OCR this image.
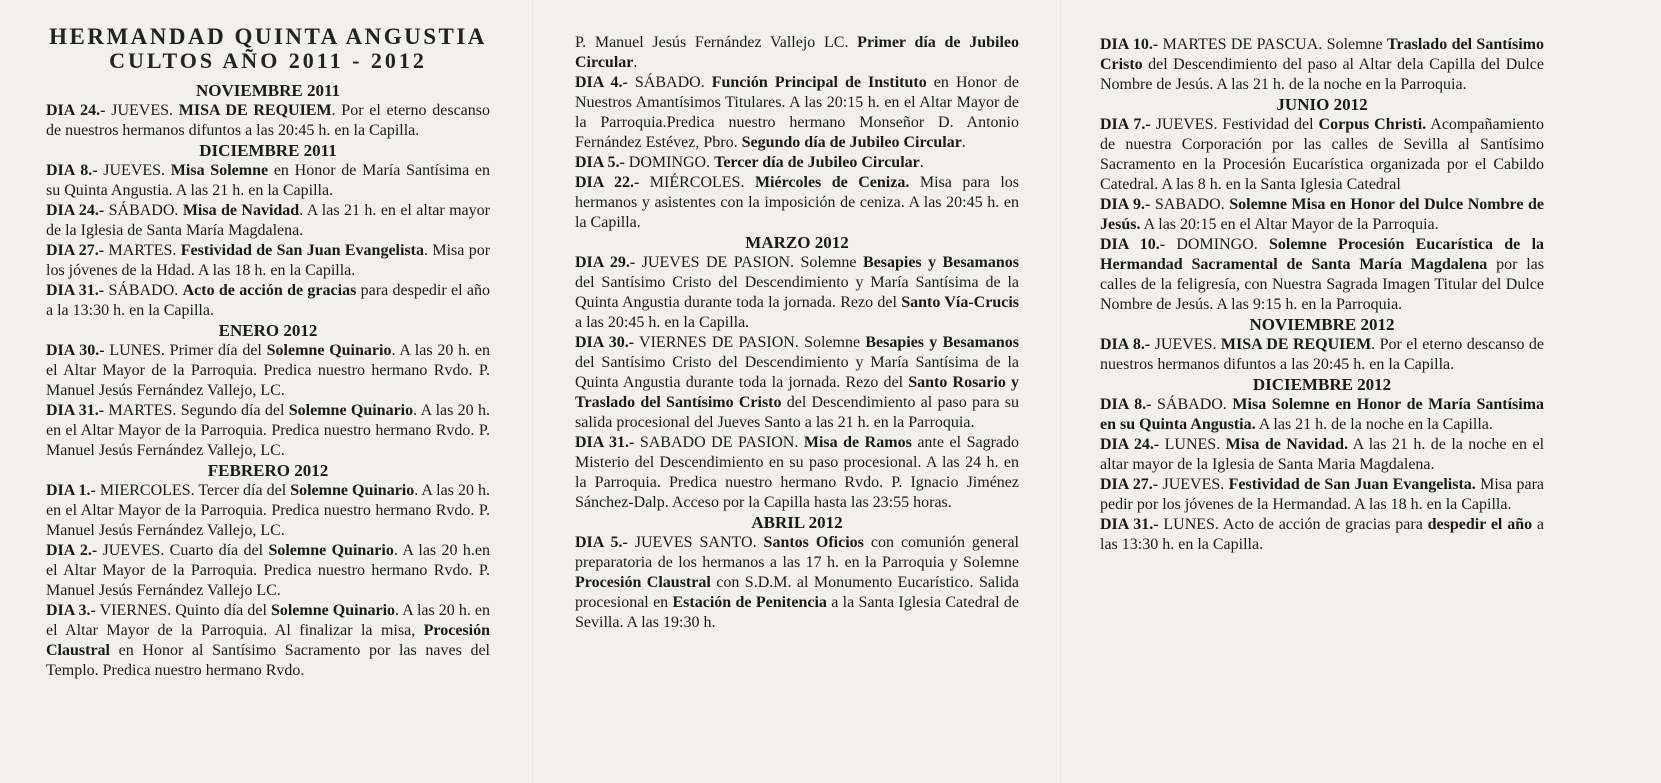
HERMANDAD QUINTA ANGUSTIA
CULTOS AÑO 2011 - 2012
NOVIEMBRE 2011

DIA 24.- JUEVES. MISA DE REQUIEM. Por el eterno descanso de nuestros hermanos difuntos a las 20:45 h. en la Capilla.

DICIEMBRE 2011

DIA 8.- JUEVES. Misa Solemne en Honor de María Santísima en su Quinta Angustia. A las 21 h. en la Capilla.

DIA 24.- SÁBADO. Misa de Navidad. A las 21 h. en el altar mayor de la Iglesia de Santa María Magdalena.

DIA 27.- MARTES. Festividad de San Juan Evangelista. Misa por los jóvenes de la Hdad. A las 18 h. en la Capilla.

DIA 31.- SÁBADO. Acto de acción de gracias para despedir el año a la 13:30 h. en la Capilla.

ENERO 2012

DIA 30.- LUNES. Primer día del Solemne Quinario. A las 20 h. en el Altar Mayor de la Parroquia. Predica nuestro hermano Rvdo. P. Manuel Jesús Fernández Vallejo, LC.

DIA 31.- MARTES. Segundo día del Solemne Quinario. A las 20 h. en el Altar Mayor de la Parroquia. Predica nuestro hermano Rvdo. P. Manuel Jesús Fernández Vallejo, LC.

FEBRERO 2012

DIA 1.- MIERCOLES. Tercer día del Solemne Quinario. A las 20 h. en el Altar Mayor de la Parroquia. Predica nuestro hermano Rvdo. P. Manuel Jesús Fernández Vallejo, LC.

DIA 2.- JUEVES. Cuarto día del Solemne Quinario. A las 20 h.en el Altar Mayor de la Parroquia. Predica nuestro hermano Rvdo. P. Manuel Jesús Fernández Vallejo LC.

DIA 3.- VIERNES. Quinto día del Solemne Quinario. A las 20 h. en el Altar Mayor de la Parroquia. Al finalizar la misa, Procesión Claustral en Honor al Santísimo Sacramento por las naves del Templo. Predica nuestro hermano Rvdo.

P. Manuel Jesús Fernández Vallejo LC. Primer día de Jubileo Circular.

DIA 4.- SÁBADO. Función Principal de Instituto en Honor de Nuestros Amantísimos Titulares. A las 20:15 h. en el Altar Mayor de la Parroquia.Predica nuestro hermano Monseñor D. Antonio Fernández Estévez, Pbro. Segundo día de Jubileo Circular.

DIA 5.- DOMINGO. Tercer día de Jubileo Circular.

DIA 22.- MIÉRCOLES. Miércoles de Ceniza. Misa para los hermanos y asistentes con la imposición de ceniza. A las 20:45 h. en la Capilla.

MARZO 2012

DIA 29.- JUEVES DE PASION. Solemne Besapies y Besamanos del Santísimo Cristo del Descendimiento y María Santísima de la Quinta Angustia durante toda la jornada. Rezo del Santo Vía-Crucis a las 20:45 h. en la Capilla.

DIA 30.- VIERNES DE PASION. Solemne Besapies y Besamanos del Santísimo Cristo del Descendimiento y María Santísima de la Quinta Angustia durante toda la jornada. Rezo del Santo Rosario y Traslado del Santísimo Cristo del Descendimiento al paso para su salida procesional del Jueves Santo a las 21 h. en la Parroquia.

DIA 31.- SABADO DE PASION. Misa de Ramos ante el Sagrado Misterio del Descendimiento en su paso procesional. A las 24 h. en la Parroquia. Predica nuestro hermano Rvdo. P. Ignacio Jiménez Sánchez-Dalp. Acceso por la Capilla hasta las 23:55 horas.

ABRIL 2012

DIA 5.- JUEVES SANTO. Santos Oficios con comunión general preparatoria de los hermanos a las 17 h. en la Parroquia y Solemne Procesión Claustral con S.D.M. al Monumento Eucarístico. Salida procesional en Estación de Penitencia a la Santa Iglesia Catedral de Sevilla. A las 19:30 h.

DIA 10.- MARTES DE PASCUA. Solemne Traslado del Santísimo Cristo del Descendimiento del paso al Altar dela Capilla del Dulce Nombre de Jesús. A las 21 h. de la noche en la Parroquia.

JUNIO 2012

DIA 7.- JUEVES. Festividad del Corpus Christi. Acompañamiento de nuestra Corporación por las calles de Sevilla al Santísimo Sacramento en la Procesión Eucarística organizada por el Cabildo Catedral. A las 8 h. en la Santa Iglesia Catedral

DIA 9.- SABADO. Solemne Misa en Honor del Dulce Nombre de Jesús. A las 20:15 en el Altar Mayor de la Parroquia.

DIA 10.- DOMINGO. Solemne Procesión Eucarística de la Hermandad Sacramental de Santa María Magdalena por las calles de la feligresía, con Nuestra Sagrada Imagen Titular del Dulce Nombre de Jesús. A las 9:15 h. en la Parroquia.

NOVIEMBRE 2012

DIA 8.- JUEVES. MISA DE REQUIEM. Por el eterno descanso de nuestros hermanos difuntos a las 20:45 h. en la Capilla.

DICIEMBRE 2012

DIA 8.- SÁBADO. Misa Solemne en Honor de María Santísima en su Quinta Angustia. A las 21 h. de la noche en la Capilla.

DIA 24.- LUNES. Misa de Navidad. A las 21 h. de la noche en el altar mayor de la Iglesia de Santa Maria Magdalena.

DIA 27.- JUEVES. Festividad de San Juan Evangelista. Misa para pedir por los jóvenes de la Hermandad. A las 18 h. en la Capilla.

DIA 31.- LUNES. Acto de acción de gracias para despedir el año a las 13:30 h. en la Capilla.
